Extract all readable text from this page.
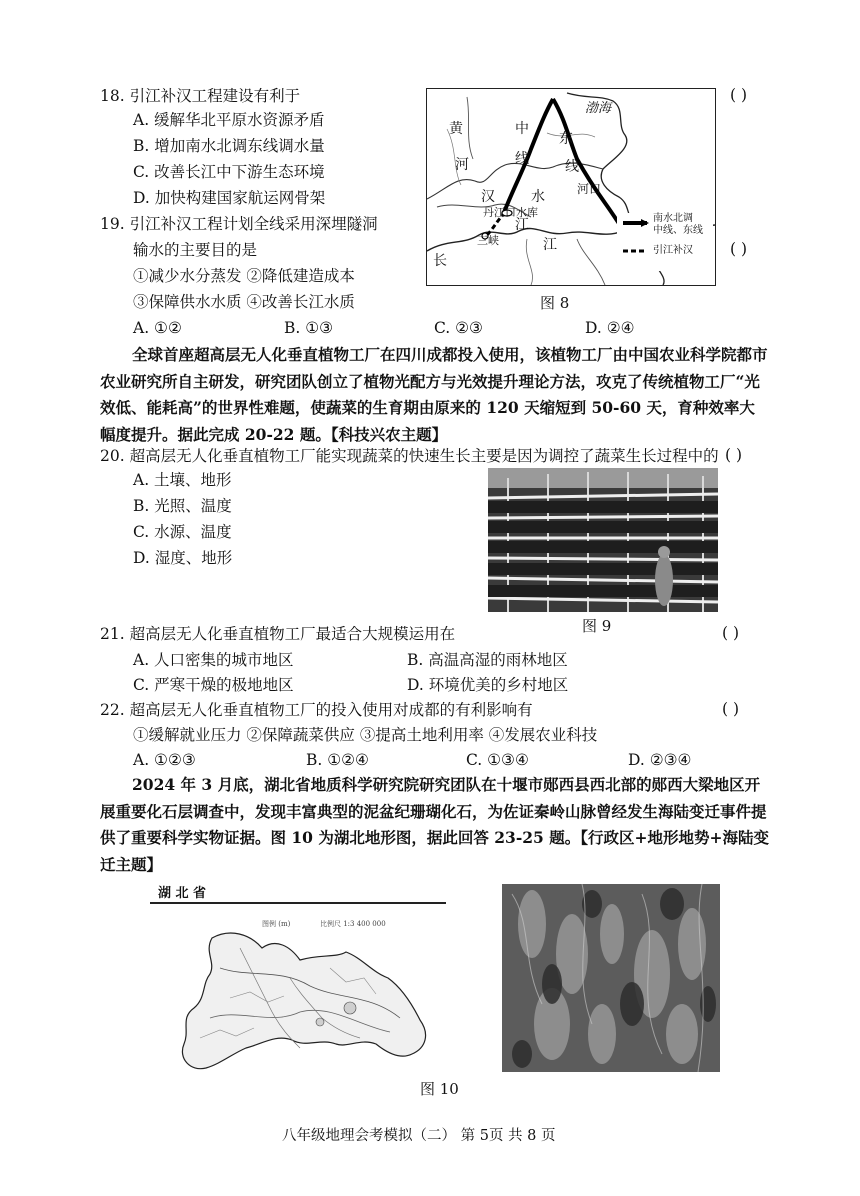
18. 引江补汉工程建设有利于	( )
A. 缓解华北平原水资源矛盾
B. 增加南水北调东线调水量
C. 改善长江中下游生态环境
D. 加快构建国家航运网骨架
19. 引江补汉工程计划全线采用深埋隧洞
输水的主要目的是	( )
①减少水分蒸发 ②降低建造成本
③保障供水水质 ④改善长江水质
A. ①②	B. ①③	C. ②③	D. ②④
黄
河
中
线
东
线
渤海
汉	水
江
长
江
丹江口水库
三峡
河口
南水北调
中线、东线
引江补汉
图 8
全球首座超高层无人化垂直植物工厂在四川成都投入使用，该植物工厂由中国农业科学院都市农业研究所自主研发，研究团队创立了植物光配方与光效提升理论方法，攻克了传统植物工厂“光效低、能耗高”的世界性难题，使蔬菜的生育期由原来的 120 天缩短到 50-60 天，育种效率大幅度提升。据此完成 20-22 题。【科技兴农主题】
20. 超高层无人化垂直植物工厂能实现蔬菜的快速生长主要是因为调控了蔬菜生长过程中的 ( )
A. 土壤、地形
B. 光照、温度
C. 水源、温度
D. 湿度、地形
图 9
21. 超高层无人化垂直植物工厂最适合大规模运用在	( )
A. 人口密集的城市地区	B. 高温高湿的雨林地区
C. 严寒干燥的极地地区	D. 环境优美的乡村地区
22. 超高层无人化垂直植物工厂的投入使用对成都的有利影响有	( )
①缓解就业压力 ②保障蔬菜供应 ③提高土地利用率 ④发展农业科技
A. ①②③	B. ①②④	C. ①③④	D. ②③④
2024 年 3 月底，湖北省地质科学研究院研究团队在十堰市郧西县西北部的郧西大梁地区开展重要化石层调查中，发现丰富典型的泥盆纪珊瑚化石，为佐证秦岭山脉曾经发生海陆变迁事件提供了重要科学实物证据。图 10 为湖北地形图，据此回答 23-25 题。【行政区+地形地势+海陆变迁主题】
湖 北 省
比例尺 1:3 400 000
图例 (m)
图 10
八年级地理会考模拟（二） 第 5页 共 8 页
